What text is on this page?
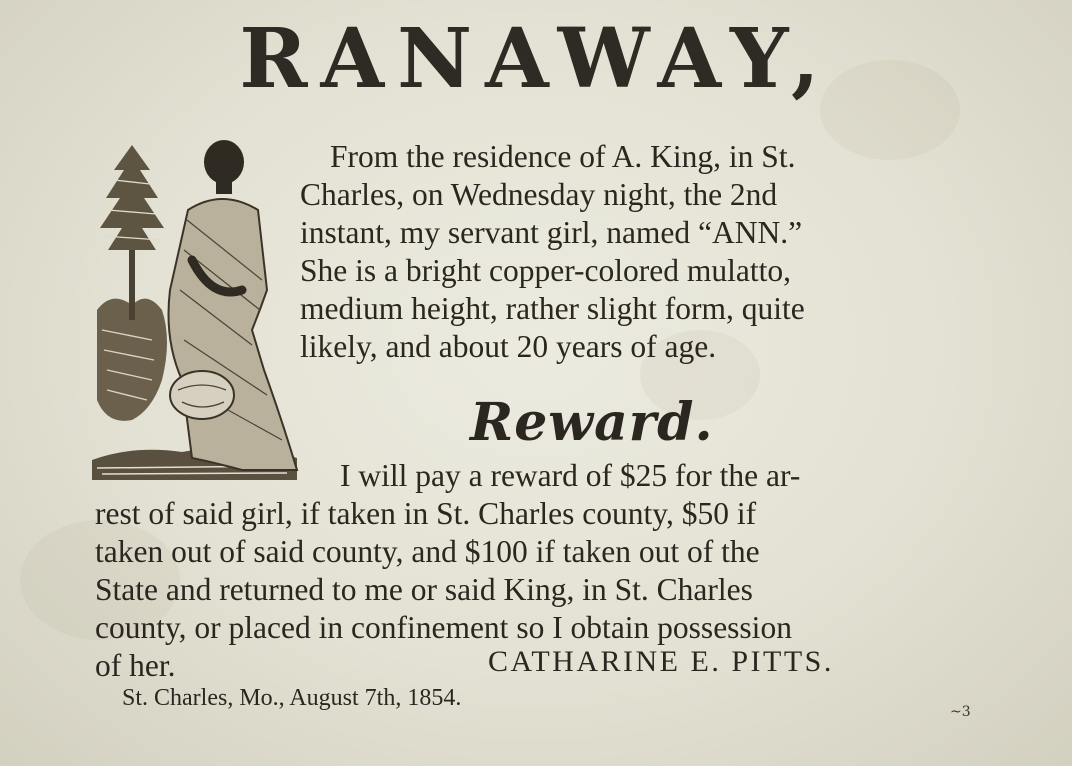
RANAWAY,
From the residence of A. King, in St.
Charles, on Wednesday night, the 2nd
instant, my servant girl, named “ANN.”
She is a bright copper-colored mulatto,
medium height, rather slight form, quite
likely, and about 20 years of age.
Reward.
I will pay a reward of $25 for the ar-
rest of said girl, if taken in St. Charles county, $50 if
taken out of said county, and $100 if taken out of the
State and returned to me or said King, in St. Charles
county, or placed in confinement so I obtain possession
of her.	CATHARINE E. PITTS.
St. Charles, Mo., August 7th, 1854.
~3
